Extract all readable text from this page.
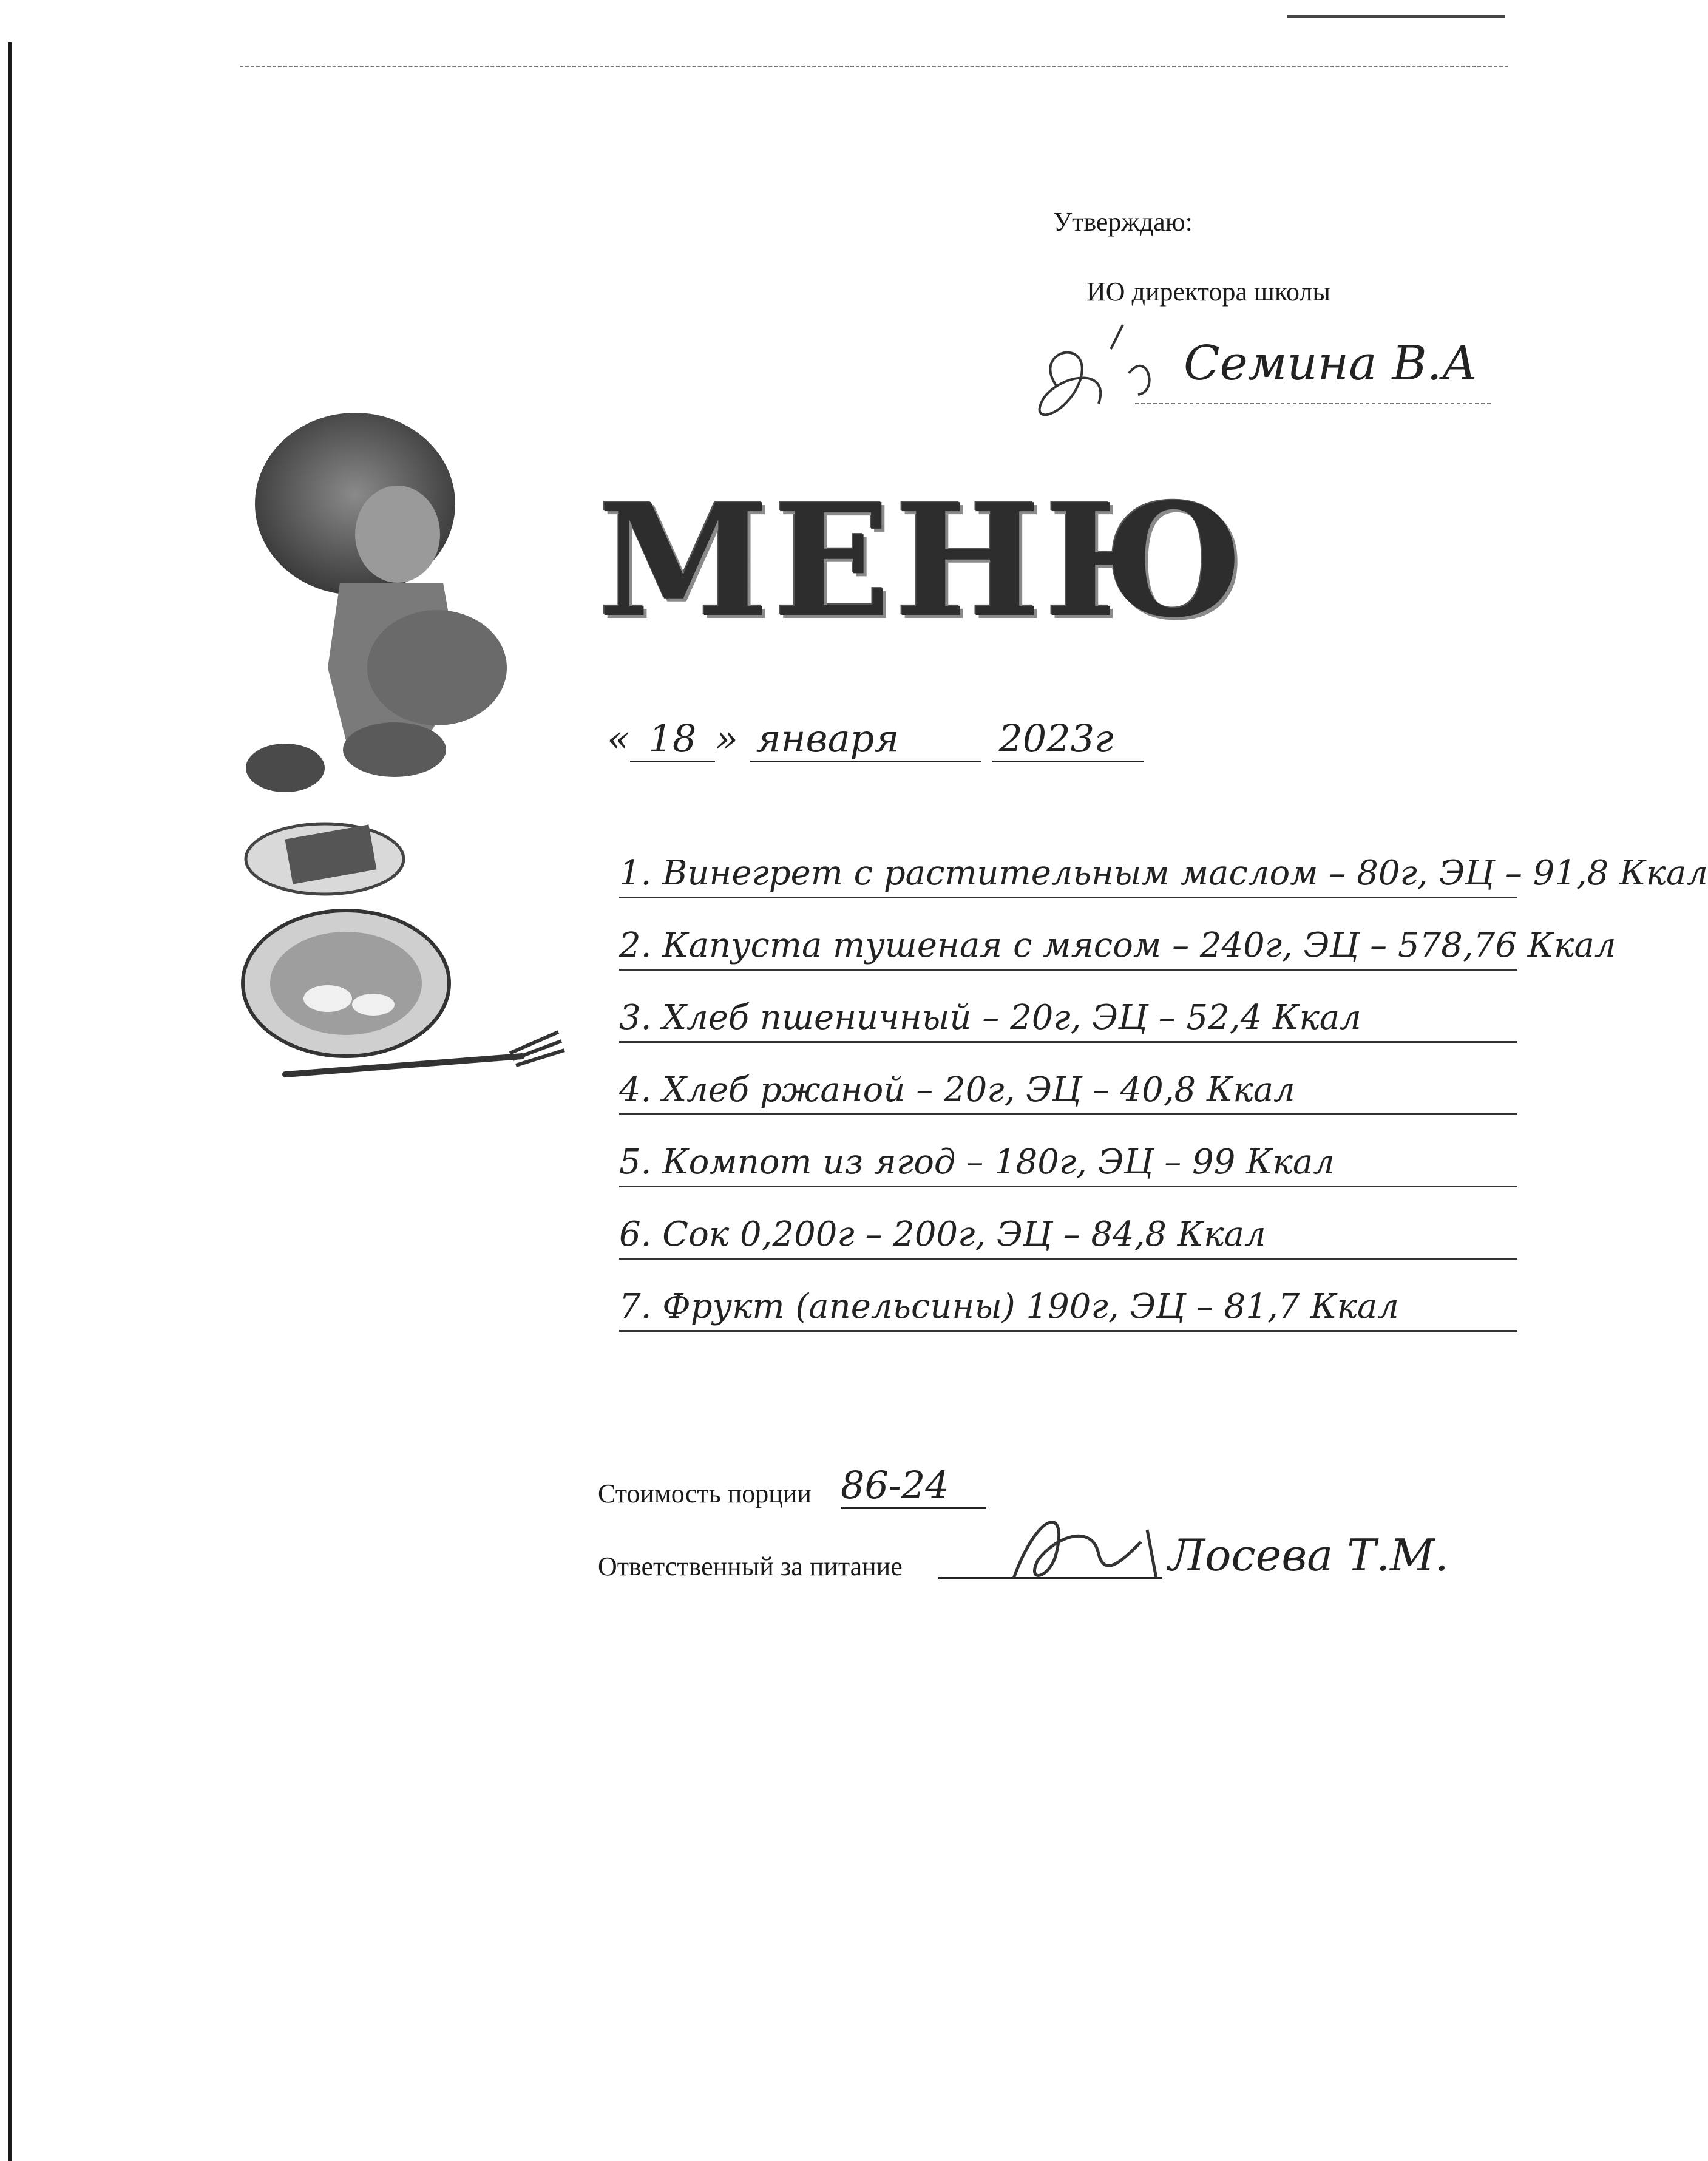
Утверждаю:
ИО директора школы
Семина В.А
МЕНЮ
« 18 » января	2023г
1. Винегрет с растительным маслом – 80г, ЭЦ – 91,8 Ккал
2. Капуста тушеная с мясом – 240г, ЭЦ – 578,76 Ккал
3. Хлеб пшеничный – 20г, ЭЦ – 52,4 Ккал
4. Хлеб ржаной – 20г, ЭЦ – 40,8 Ккал
5. Компот из ягод – 180г, ЭЦ – 99 Ккал
6. Сок 0,200г – 200г, ЭЦ – 84,8 Ккал
7. Фрукт (апельсины) 190г, ЭЦ – 81,7 Ккал
Стоимость порции 86-24
Ответственный за питание	Лосева Т.М.
